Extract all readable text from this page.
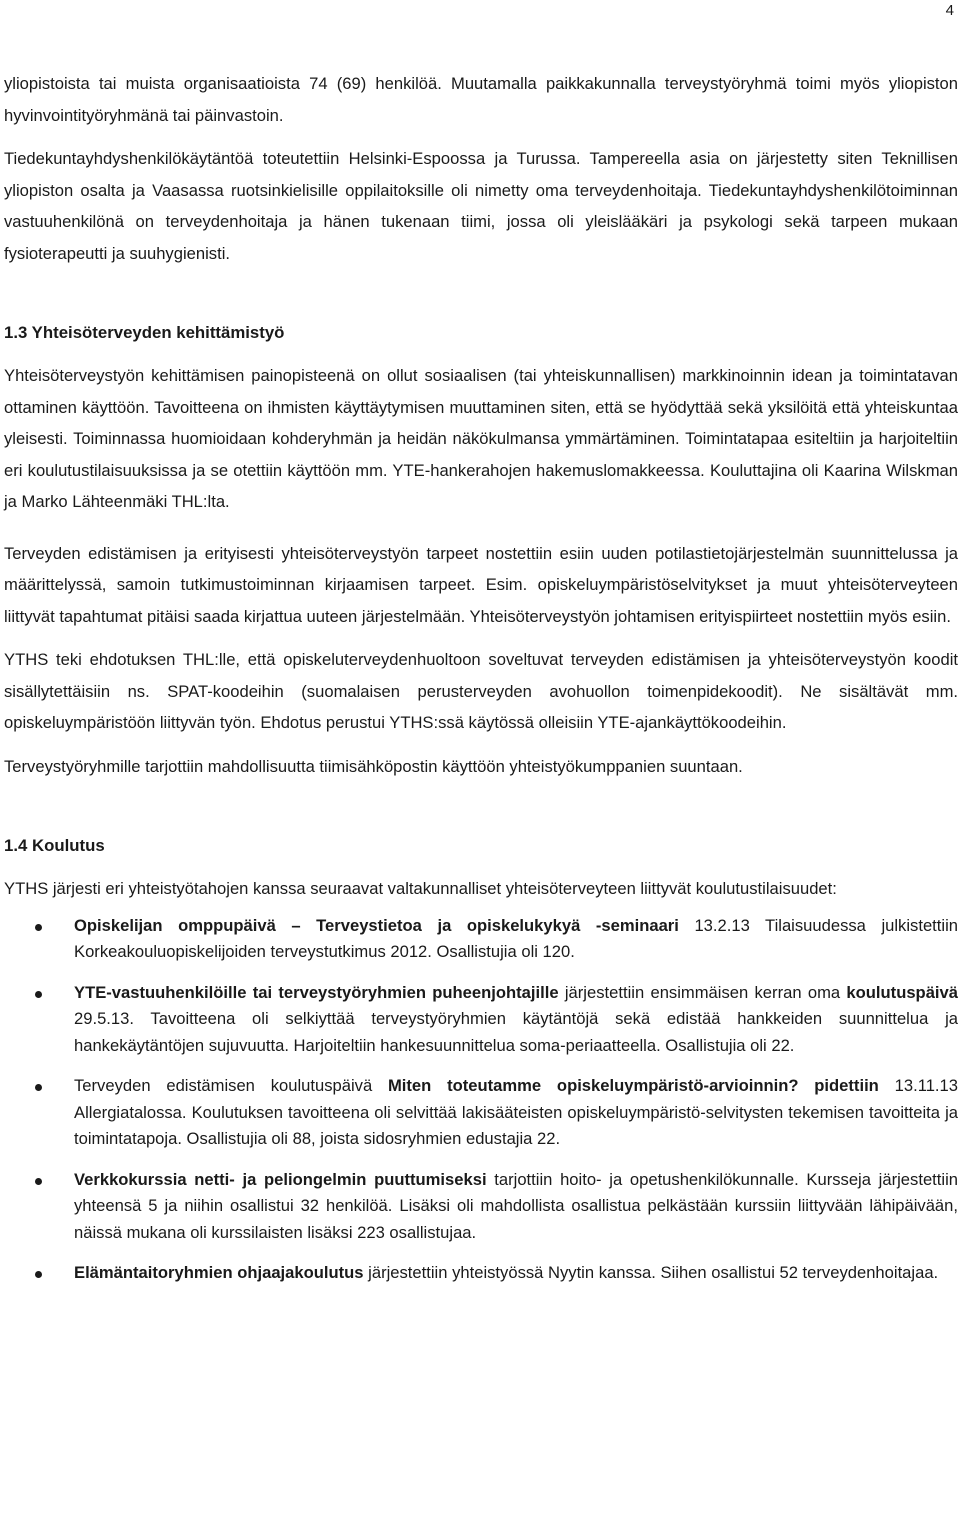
4

yliopistoista tai muista organisaatioista 74 (69) henkilöä. Muutamalla paikkakunnalla terveystyöryhmä toimi myös yliopiston hyvinvointityöryhmänä tai päinvastoin.

Tiedekuntayhdyshenkilökäytäntöä toteutettiin Helsinki-Espoossa ja Turussa. Tampereella asia on järjestetty siten Teknillisen yliopiston osalta ja Vaasassa ruotsinkielisille oppilaitoksille oli nimetty oma terveydenhoitaja. Tiedekuntayhdyshenkilötoiminnan vastuuhenkilönä on terveydenhoitaja ja hänen tukenaan tiimi, jossa oli yleislääkäri ja psykologi sekä tarpeen mukaan fysioterapeutti ja suuhygienisti.

1.3 Yhteisöterveyden kehittämistyö

Yhteisöterveystyön kehittämisen painopisteenä on ollut sosiaalisen (tai yhteiskunnallisen) markkinoinnin idean ja toimintatavan ottaminen käyttöön. Tavoitteena on ihmisten käyttäytymisen muuttaminen siten, että se hyödyttää sekä yksilöitä että yhteiskuntaa yleisesti. Toiminnassa huomioidaan kohderyhmän ja heidän näkökulmansa ymmärtäminen. Toimintatapaa esiteltiin ja harjoiteltiin eri koulutustilaisuuksissa ja se otettiin käyttöön mm. YTE-hankerahojen hakemuslomakkeessa. Kouluttajina oli Kaarina Wilskman ja Marko Lähteenmäki THL:lta.

Terveyden edistämisen ja erityisesti yhteisöterveystyön tarpeet nostettiin esiin uuden potilastietojärjestelmän suunnittelussa ja määrittelyssä, samoin tutkimustoiminnan kirjaamisen tarpeet. Esim. opiskeluympäristöselvitykset ja muut yhteisöterveyteen liittyvät tapahtumat pitäisi saada kirjattua uuteen järjestelmään. Yhteisöterveystyön johtamisen erityispiirteet nostettiin myös esiin.

YTHS teki ehdotuksen THL:lle, että opiskeluterveydenhuoltoon soveltuvat terveyden edistämisen ja yhteisöterveystyön koodit sisällytettäisiin ns. SPAT-koodeihin (suomalaisen perusterveyden avohuollon toimenpidekoodit). Ne sisältävät mm. opiskeluympäristöön liittyvän työn. Ehdotus perustui YTHS:ssä käytössä olleisiin YTE-ajankäyttökoodeihin.

Terveystyöryhmille tarjottiin mahdollisuutta tiimisähköpostin käyttöön yhteistyökumppanien suuntaan.

1.4 Koulutus

YTHS järjesti eri yhteistyötahojen kanssa seuraavat valtakunnalliset yhteisöterveyteen liittyvät koulutustilaisuudet:

Opiskelijan omppupäivä – Terveystietoa ja opiskelukykyä -seminaari 13.2.13 Tilaisuudessa julkistettiin Korkeakouluopiskelijoiden terveystutkimus 2012. Osallistujia oli 120.
YTE-vastuuhenkilöille tai terveystyöryhmien puheenjohtajille järjestettiin ensimmäisen kerran oma koulutuspäivä 29.5.13. Tavoitteena oli selkiyttää terveystyöryhmien käytäntöjä sekä edistää hankkeiden suunnittelua ja hankekäytäntöjen sujuvuutta. Harjoiteltiin hankesuunnittelua soma-periaatteella. Osallistujia oli 22.
Terveyden edistämisen koulutuspäivä Miten toteutamme opiskeluympäristö-arvioinnin? pidettiin 13.11.13 Allergiatalossa. Koulutuksen tavoitteena oli selvittää lakisääteisten opiskeluympäristö-selvitysten tekemisen tavoitteita ja toimintatapoja. Osallistujia oli 88, joista sidosryhmien edustajia 22.
Verkkokurssia netti- ja peliongelmin puuttumiseksi tarjottiin hoito- ja opetushenkilökunnalle. Kursseja järjestettiin yhteensä 5 ja niihin osallistui 32 henkilöä. Lisäksi oli mahdollista osallistua pelkästään kurssiin liittyvään lähipäivään, näissä mukana oli kurssilaisten lisäksi 223 osallistujaa.
Elämäntaitoryhmien ohjaajakoulutus järjestettiin yhteistyössä Nyytin kanssa. Siihen osallistui 52 terveydenhoitajaa.
